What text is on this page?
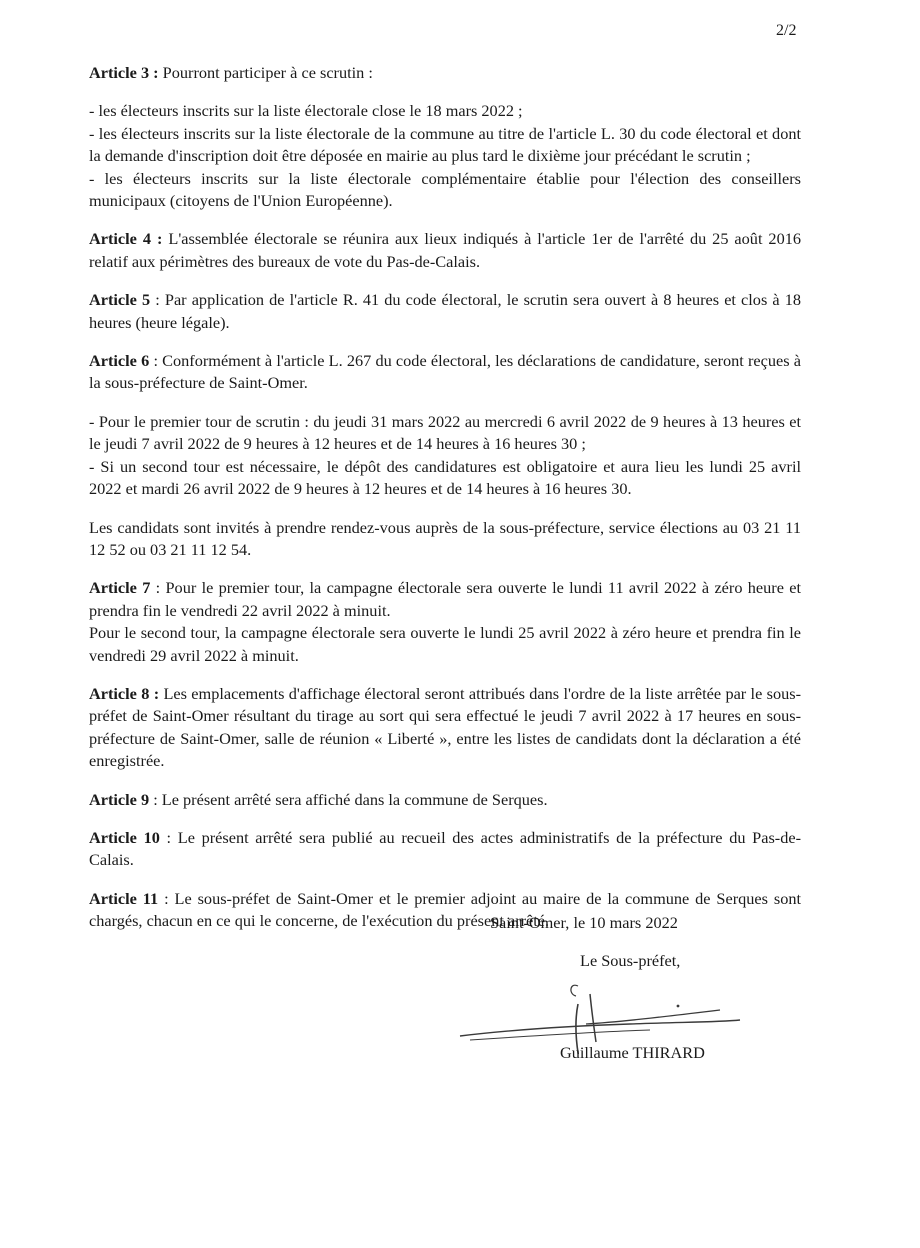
2/2

Article 3 : Pourront participer à ce scrutin :

- les électeurs inscrits sur la liste électorale close le 18 mars 2022 ;

- les électeurs inscrits sur la liste électorale de la commune au titre de l'article L. 30 du code électoral et dont la demande d'inscription doit être déposée en mairie au plus tard le dixième jour précédant le scrutin ;

- les électeurs inscrits sur la liste électorale complémentaire établie pour l'élection des conseillers municipaux (citoyens de l'Union Européenne).

Article 4 : L'assemblée électorale se réunira aux lieux indiqués à l'article 1er de l'arrêté du 25 août 2016 relatif aux périmètres des bureaux de vote du Pas-de-Calais.

Article 5 : Par application de l'article R. 41 du code électoral, le scrutin sera ouvert à 8 heures et clos à 18 heures (heure légale).

Article 6 : Conformément à l'article L. 267 du code électoral, les déclarations de candidature, seront reçues à la sous-préfecture de Saint-Omer.

- Pour le premier tour de scrutin : du jeudi 31 mars 2022 au mercredi 6 avril 2022 de 9 heures à 13 heures et le jeudi 7 avril 2022 de 9 heures à 12 heures et de 14 heures à 16 heures 30 ;

- Si un second tour est nécessaire, le dépôt des candidatures est obligatoire et aura lieu les lundi 25 avril 2022 et mardi 26 avril 2022 de 9 heures à 12 heures et de 14 heures à 16 heures 30.

Les candidats sont invités à prendre rendez-vous auprès de la sous-préfecture, service élections au 03 21 11 12 52 ou 03 21 11 12 54.

Article 7 : Pour le premier tour, la campagne électorale sera ouverte le lundi 11 avril 2022 à zéro heure et prendra fin le vendredi 22 avril 2022 à minuit.

Pour le second tour, la campagne électorale sera ouverte le lundi 25 avril 2022 à zéro heure et prendra fin le vendredi 29 avril 2022 à minuit.

Article 8 : Les emplacements d'affichage électoral seront attribués dans l'ordre de la liste arrêtée par le sous-préfet de Saint-Omer résultant du tirage au sort qui sera effectué le jeudi 7 avril 2022 à 17 heures en sous-préfecture de Saint-Omer, salle de réunion « Liberté », entre les listes de candidats dont la déclaration a été enregistrée.

Article 9 : Le présent arrêté sera affiché dans la commune de Serques.

Article 10 : Le présent arrêté sera publié au recueil des actes administratifs de la préfecture du Pas-de-Calais.

Article 11 : Le sous-préfet de Saint-Omer et le premier adjoint au maire de la commune de Serques sont chargés, chacun en ce qui le concerne, de l'exécution du présent arrêté.

Saint-Omer, le 10 mars 2022
Le Sous-préfet,
Guillaume THIRARD
